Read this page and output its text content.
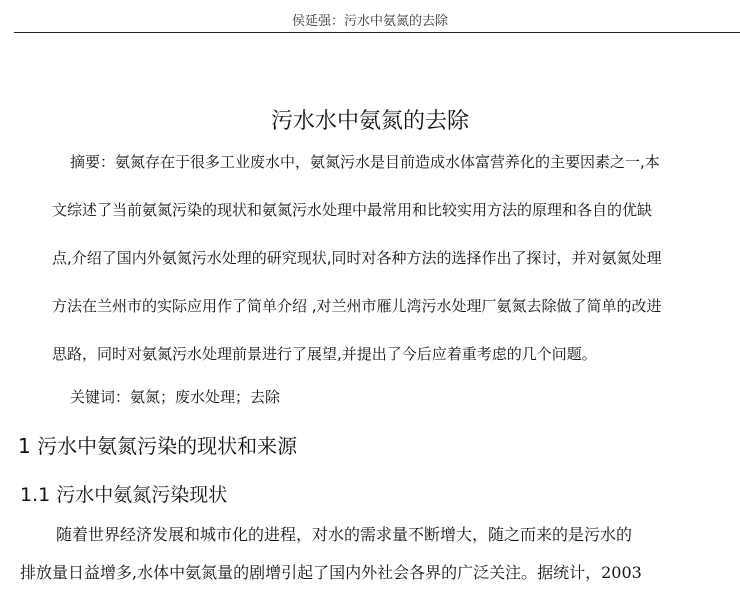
侯延强：污水中氨氮的去除
污水水中氨氮的去除
摘要：氨氮存在于很多工业废水中，氨氮污水是目前造成水体富营养化的主要因素之一,本
文综述了当前氨氮污染的现状和氨氮污水处理中最常用和比较实用方法的原理和各自的优缺
点,介绍了国内外氨氮污水处理的研究现状,同时对各种方法的选择作出了探讨，并对氨氮处理
方法在兰州市的实际应用作了简单介绍 ,对兰州市雁儿湾污水处理厂氨氮去除做了简单的改进
思路，同时对氨氮污水处理前景进行了展望,并提出了今后应着重考虑的几个问题。
关键词：氨氮；废水处理；去除
1 污水中氨氮污染的现状和来源
1.1 污水中氨氮污染现状
随着世界经济发展和城市化的进程，对水的需求量不断增大，随之而来的是污水的
排放量日益增多,水体中氨氮量的剧增引起了国内外社会各界的广泛关注。据统计，2003
